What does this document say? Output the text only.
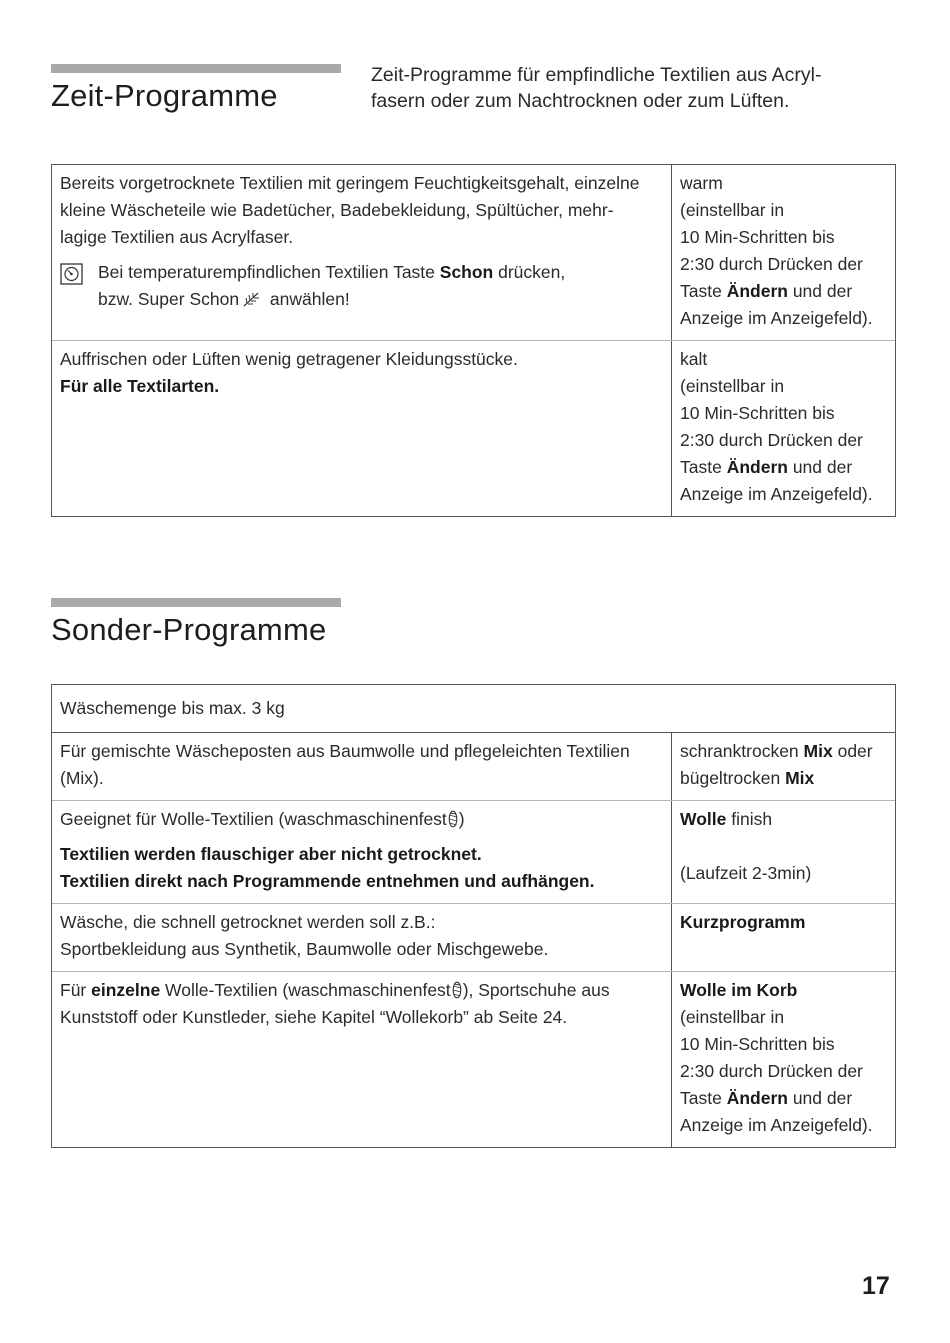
Zeit-Programme
Zeit-Programme für empfindliche Textilien aus Acryl-
fasern oder zum Nachtrocknen oder zum Lüften.
Bereits vorgetrocknete Textilien mit geringem Feuchtigkeitsgehalt, einzelne
kleine Wäscheteile wie Badetücher, Badebekleidung, Spültücher, mehr-
lagige Textilien aus Acrylfaser.
Bei temperaturempfindlichen Textilien Taste Schon drücken,
bzw. Super Schon anwählen!
warm
(einstellbar in
10 Min-Schritten bis
2:30 durch Drücken der
Taste Ändern und der
Anzeige im Anzeigefeld).
Auffrischen oder Lüften wenig getragener Kleidungsstücke.
Für alle Textilarten.
kalt
(einstellbar in
10 Min-Schritten bis
2:30 durch Drücken der
Taste Ändern und der
Anzeige im Anzeigefeld).
Sonder-Programme
Wäschemenge bis max. 3 kg
Für gemischte Wäscheposten aus Baumwolle und pflegeleichten Textilien
(Mix).
schranktrocken Mix oder
bügeltrocken Mix
Geeignet für Wolle-Textilien (waschmaschinenfest )
Textilien werden flauschiger aber nicht getrocknet.
Textilien direkt nach Programmende entnehmen und aufhängen.
Wolle finish
(Laufzeit 2-3min)
Wäsche, die schnell getrocknet werden soll z.B.:
Sportbekleidung aus Synthetik, Baumwolle oder Mischgewebe.
Kurzprogramm
Für einzelne Wolle-Textilien (waschmaschinenfest ), Sportschuhe aus
Kunststoff oder Kunstleder, siehe Kapitel “Wollekorb” ab Seite 24.
Wolle im Korb
(einstellbar in
10 Min-Schritten bis
2:30 durch Drücken der
Taste Ändern und der
Anzeige im Anzeigefeld).
17
